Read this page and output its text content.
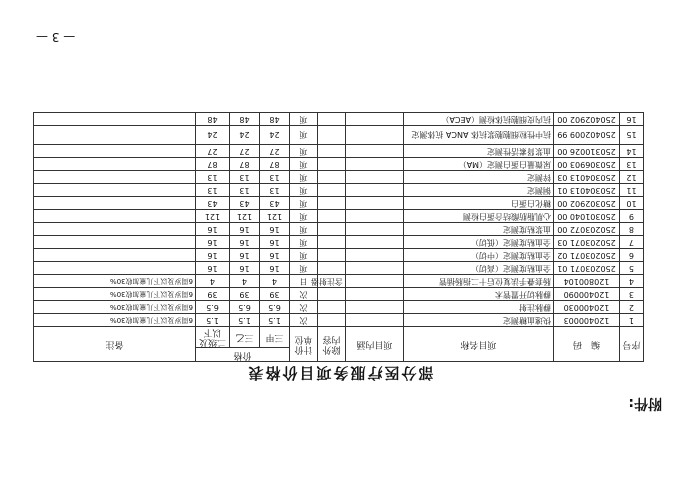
附件:
部分医疗服务项目价格表
序号	编　码	项目名称	项目内涵	除外内容	计价单位	价格			备注
						三甲	三乙	二级及以下	
1	120400003	快速血糖测定			次	1.5	1.5	1.5	6周岁及以下儿童加收30%
2	120400030	静脉注射			次	6.5	6.5	6.5	6周岁及以下儿童加收30%
3	120400090	静脉切开置管术			次	39	39	39	6周岁及以下儿童加收30%
4	120800104	肠套叠手法复位后十二指肠插管		含注射器	日	4	4	4	6周岁及以下儿童加收30%
5	250203071 01	全血粘度测定（高切）			项	16	16	16	
6	250203071 02	全血粘度测定（中切）			项	16	16	16	
7	250203071 03	全血粘度测定（低切）			项	16	16	16	
8	250203072 00	血浆粘度测定			项	16	16	16	
9	250301040 00	心肌脂肪酸结合蛋白检测			项	121	121	121	
10	250302902 00	糖化白蛋白			项	43	43	43	
11	250304013 01	铜测定			项	13	13	13	
12	250304013 03	锌测定			项	13	13	13	
13	250306903 00	尿微量白蛋白测定（MA）			项	87	87	87	
14	250310026 00	血浆肾素活性测定			项	27	27	27	
15	250402009 99	抗中性粒细胞胞浆抗体 ANCA 抗体测定			项	24	24	24	
16	250402902 00	抗内皮细胞抗体检测（AECA）			项	48	48	48	
— 3 —
